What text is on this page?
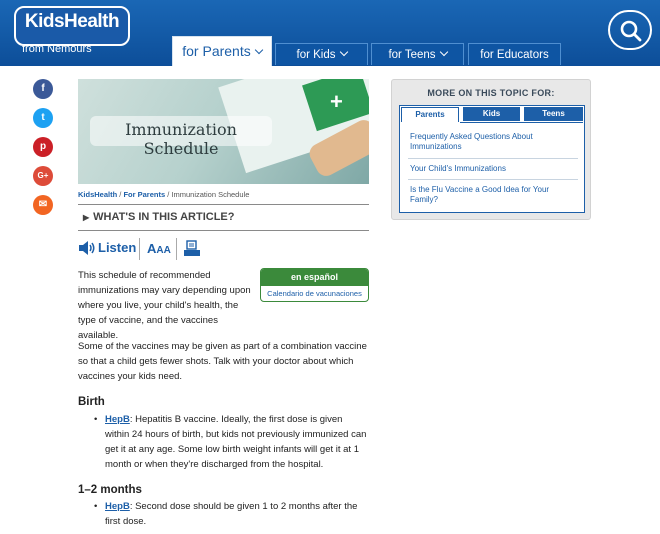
KidsHealth
from Nemours	for Parents	for Kids	for Teens	for Educators
f
t
p
G+
✉
+
Immunization Schedule
KidsHealth / For Parents / Immunization Schedule
▶ WHAT'S IN THIS ARTICLE?
Listen AAA
This schedule of recommended immunizations may vary depending upon where you live, your child's health, the type of vaccine, and the vaccines available.
en español
Calendario de vacunaciones
Some of the vaccines may be given as part of a combination vaccine so that a child gets fewer shots. Talk with your doctor about which vaccines your kids need.
Birth
• HepB: Hepatitis B vaccine. Ideally, the first dose is given within 24 hours of birth, but kids not previously immunized can get it at any age. Some low birth weight infants will get it at 1 month or when they're discharged from the hospital.
1–2 months
• HepB: Second dose should be given 1 to 2 months after the first dose.
MORE ON THIS TOPIC FOR:
Parents	Kids	Teens
Frequently Asked Questions About Immunizations
Your Child's Immunizations
Is the Flu Vaccine a Good Idea for Your Family?
